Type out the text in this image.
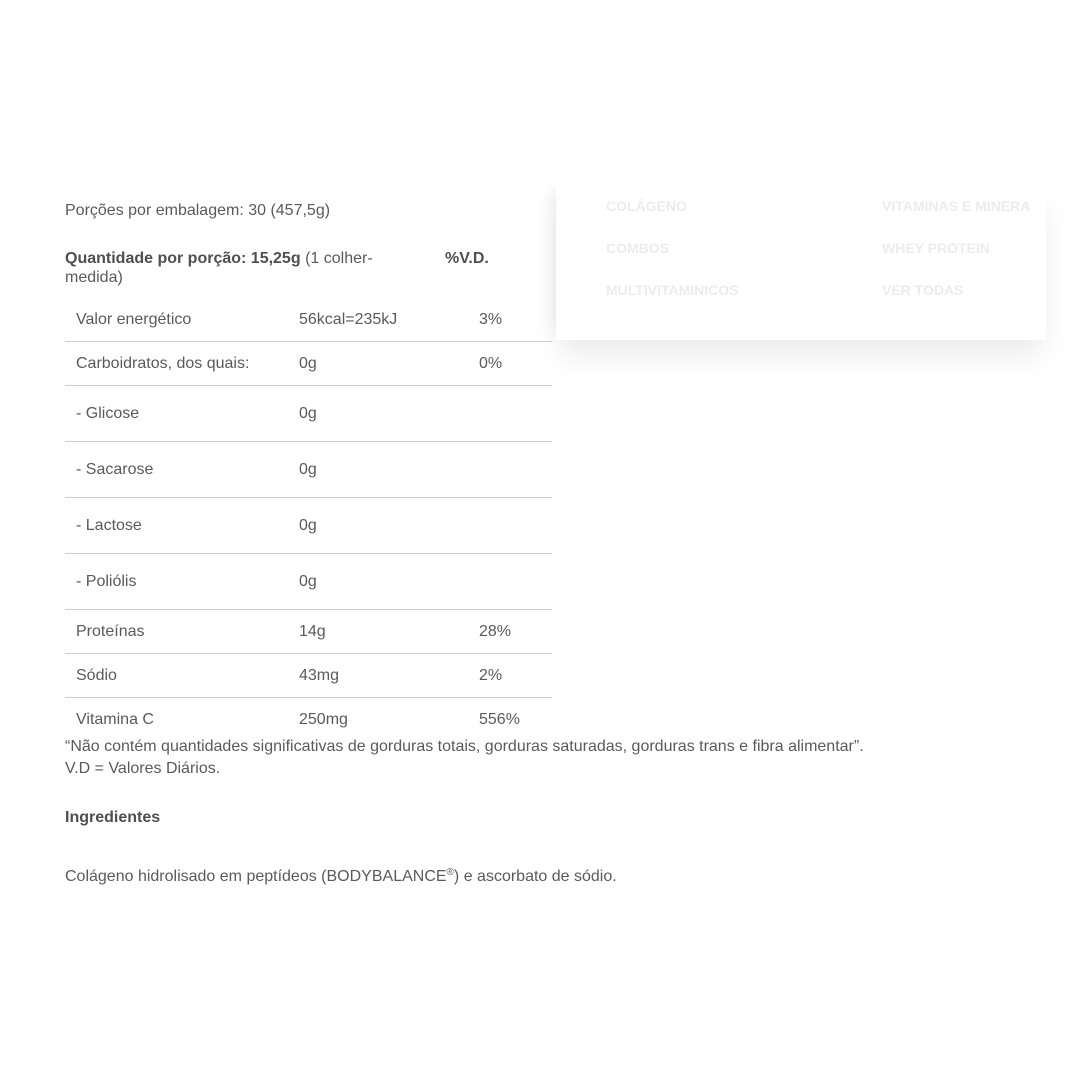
Porções por embalagem: 30 (457,5g)
Quantidade por porção: 15,25g (1 colher-medida)
%V.D.
Valor energético	56kcal=235kJ	3%
Carboidratos, dos quais:	0g	0%
- Glicose	0g	
- Sacarose	0g	
- Lactose	0g	
- Poliólis	0g	
Proteínas	14g	28%
Sódio	43mg	2%
Vitamina C	250mg	556%
“Não contém quantidades significativas de gorduras totais, gorduras saturadas, gorduras trans e fibra alimentar”.
V.D = Valores Diários.
Ingredientes
Colágeno hidrolisado em peptídeos (BODYBALANCE®) e ascorbato de sódio.
COLÁGENO	VITAMINAS E MINERA
COMBOS	WHEY PROTEIN
MULTIVITAMINICOS	VER TODAS
